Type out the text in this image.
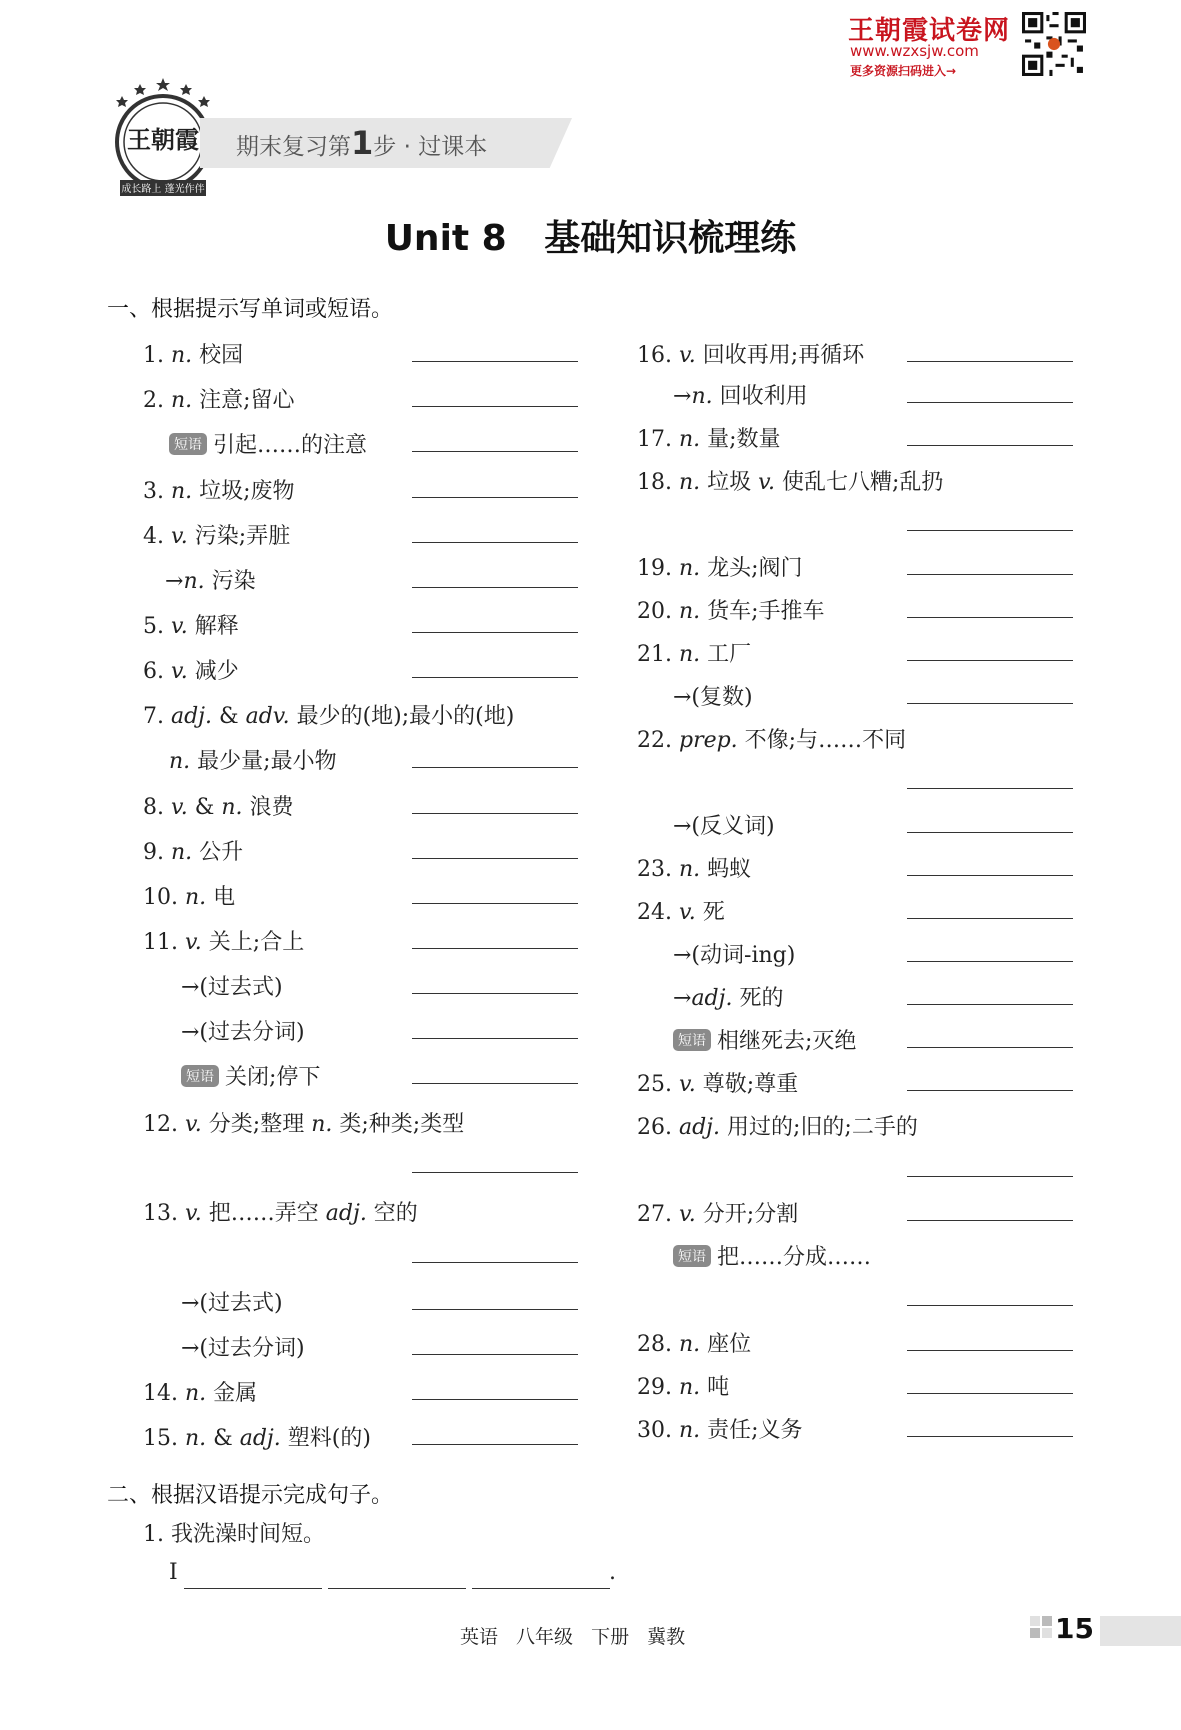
王朝霞试卷网
www.wzxsjw.com
更多资源扫码进入→
王朝霞
成长路上 蓬光作伴
期末复习第1步 · 过课本
Unit 8   基础知识梳理练
一、根据提示写单词或短语。
1. n. 校园
2. n. 注意;留心
短语 引起……的注意
3. n. 垃圾;废物
4. v. 污染;弄脏
→n. 污染
5. v. 解释
6. v. 减少
7. adj. & adv. 最少的(地);最小的(地)
n. 最少量;最小物
8. v. & n. 浪费
9. n. 公升
10. n. 电
11. v. 关上;合上
→(过去式)
→(过去分词)
短语 关闭;停下
12. v. 分类;整理 n. 类;种类;类型
13. v. 把……弄空 adj. 空的
→(过去式)
→(过去分词)
14. n. 金属
15. n. & adj. 塑料(的)
16. v. 回收再用;再循环
→n. 回收利用
17. n. 量;数量
18. n. 垃圾 v. 使乱七八糟;乱扔
19. n. 龙头;阀门
20. n. 货车;手推车
21. n. 工厂
→(复数)
22. prep. 不像;与……不同
→(反义词)
23. n. 蚂蚁
24. v. 死
→(动词-ing)
→adj. 死的
短语 相继死去;灭绝
25. v. 尊敬;尊重
26. adj. 用过的;旧的;二手的
27. v. 分开;分割
短语 把……分成……
28. n. 座位
29. n. 吨
30. n. 责任;义务
二、根据汉语提示完成句子。
1. 我洗澡时间短。
I	.
英语 八年级 下册 冀教	15
